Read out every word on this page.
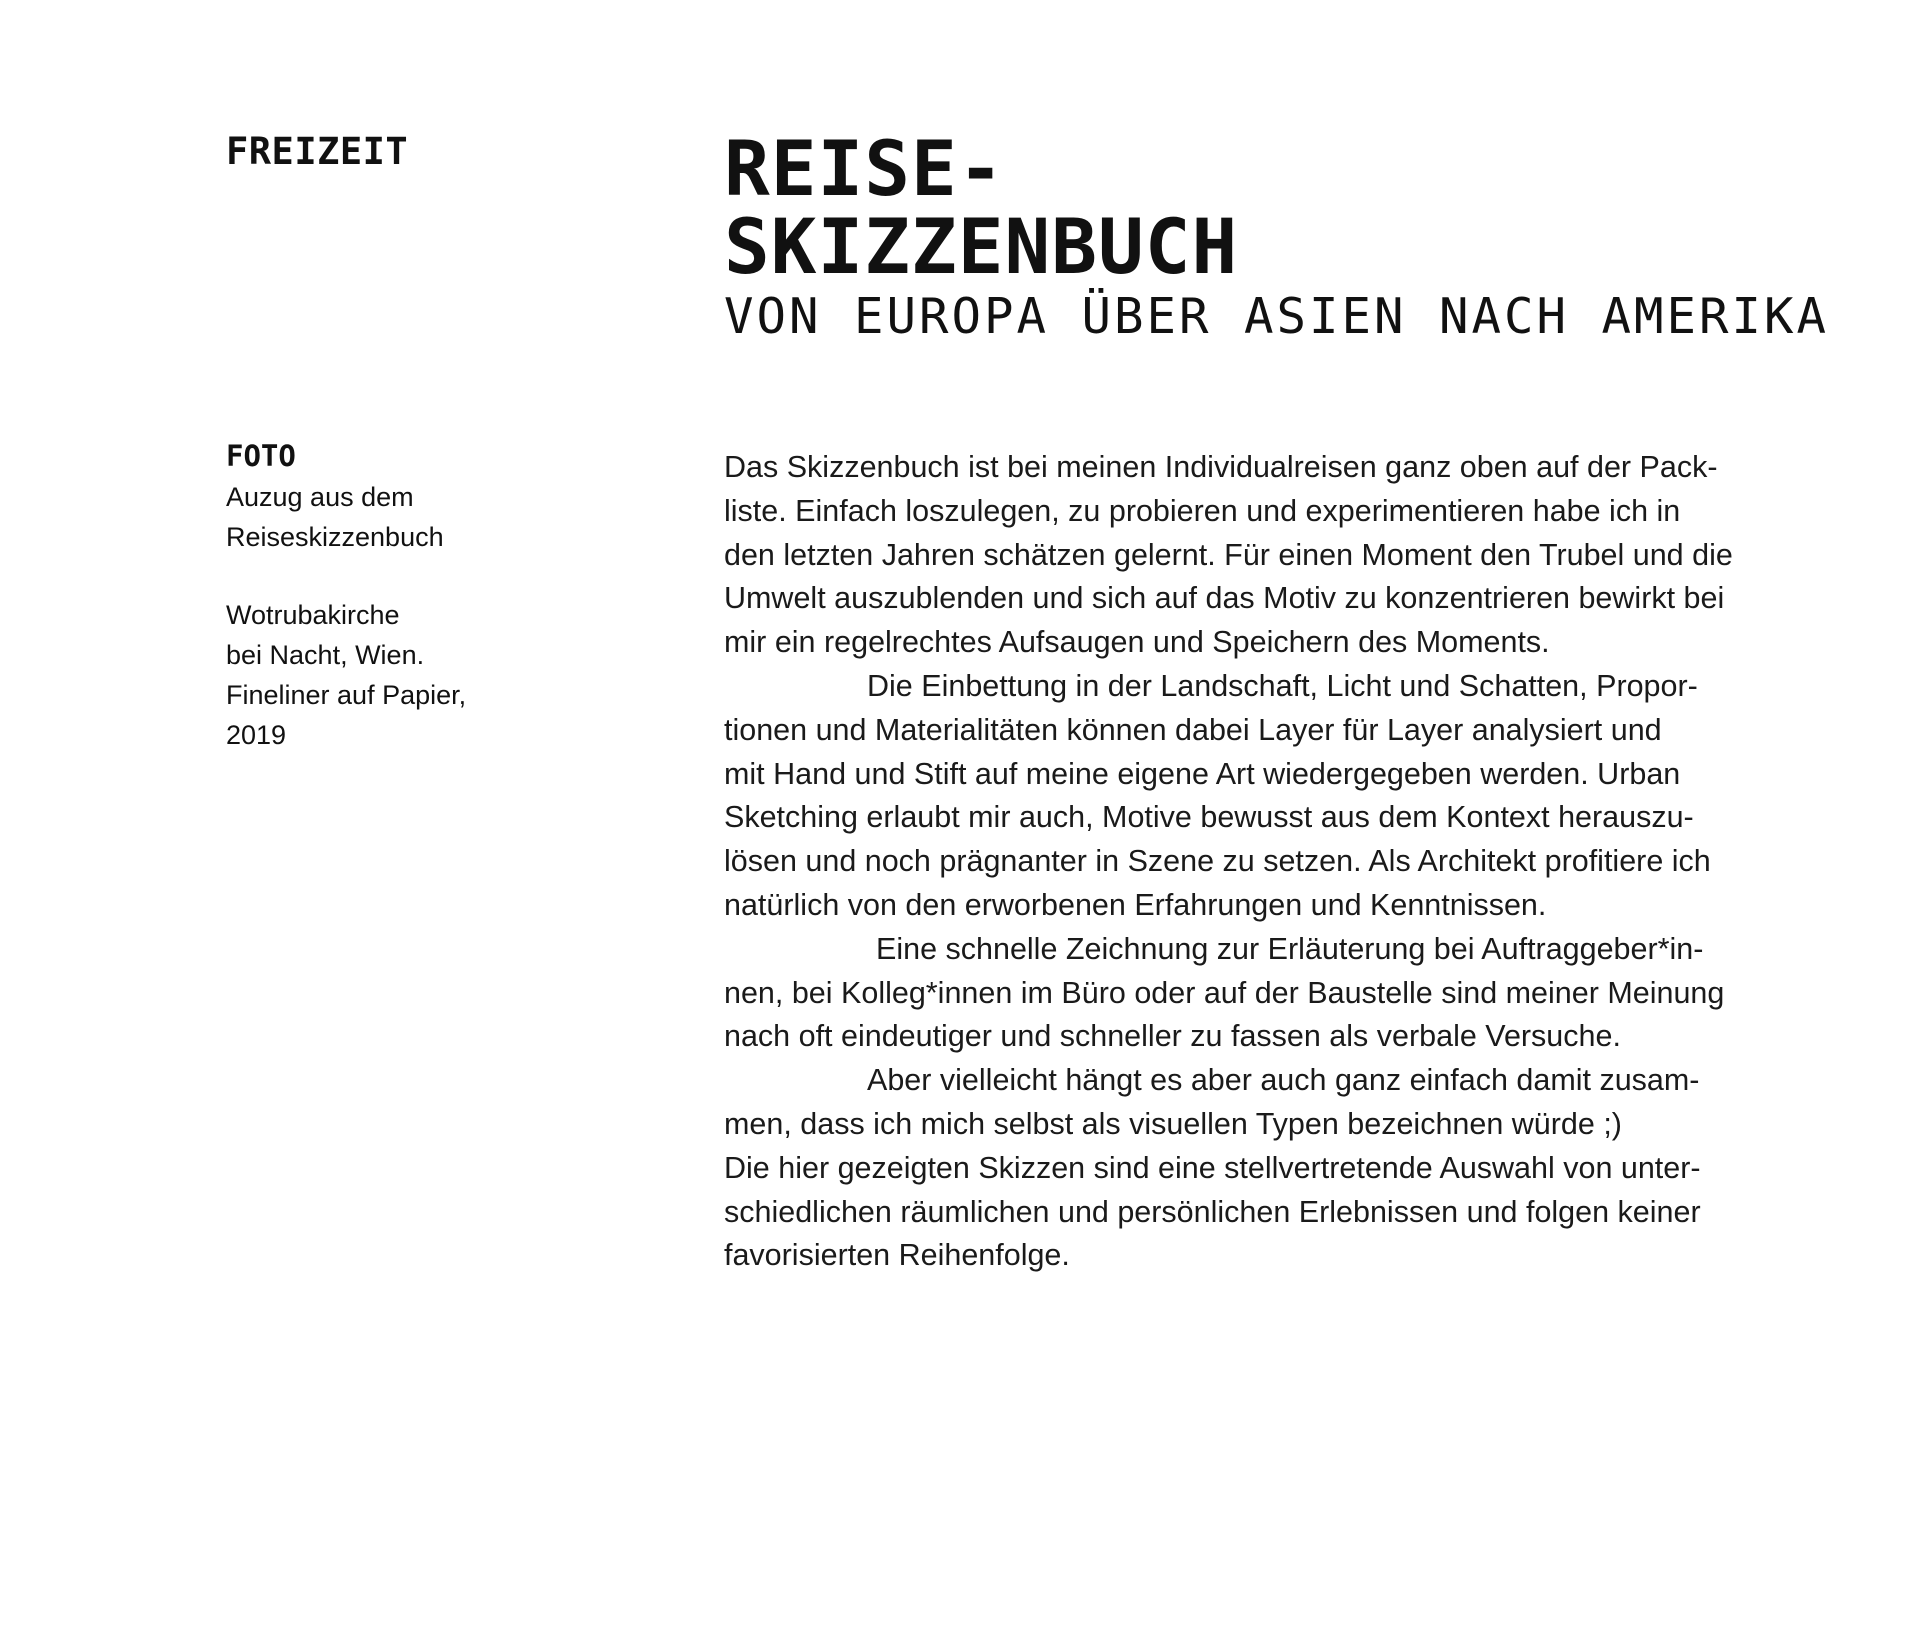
FREIZEIT	REISE-
SKIZZENBUCH
VON EUROPA ÜBER ASIEN NACH AMERIKA

FOTO

Auzug aus dem

Reiseskizzenbuch

Wotrubakirche

bei Nacht, Wien.

Fineliner auf Papier,

2019

Das Skizzenbuch ist bei meinen Individualreisen ganz oben auf der Pack-

liste. Einfach loszulegen, zu probieren und experimentieren habe ich in

den letzten Jahren schätzen gelernt. Für einen Moment den Trubel und die

Umwelt auszublenden und sich auf das Motiv zu konzentrieren bewirkt bei

mir ein regelrechtes Aufsaugen und Speichern des Moments.

Die Einbettung in der Landschaft, Licht und Schatten, Propor-

tionen und Materialitäten können dabei Layer für Layer analysiert und

mit Hand und Stift auf meine eigene Art wiedergegeben werden. Urban

Sketching erlaubt mir auch, Motive bewusst aus dem Kontext herauszu-

lösen und noch prägnanter in Szene zu setzen. Als Architekt profitiere ich

natürlich von den erworbenen Erfahrungen und Kenntnissen.

Eine schnelle Zeichnung zur Erläuterung bei Auftraggeber*in-

nen, bei Kolleg*innen im Büro oder auf der Baustelle sind meiner Meinung

nach oft eindeutiger und schneller zu fassen als verbale Versuche.

Aber vielleicht hängt es aber auch ganz einfach damit zusam-

men, dass ich mich selbst als visuellen Typen bezeichnen würde ;)

Die hier gezeigten Skizzen sind eine stellvertretende Auswahl von unter-

schiedlichen räumlichen und persönlichen Erlebnissen und folgen keiner

favorisierten Reihenfolge.
